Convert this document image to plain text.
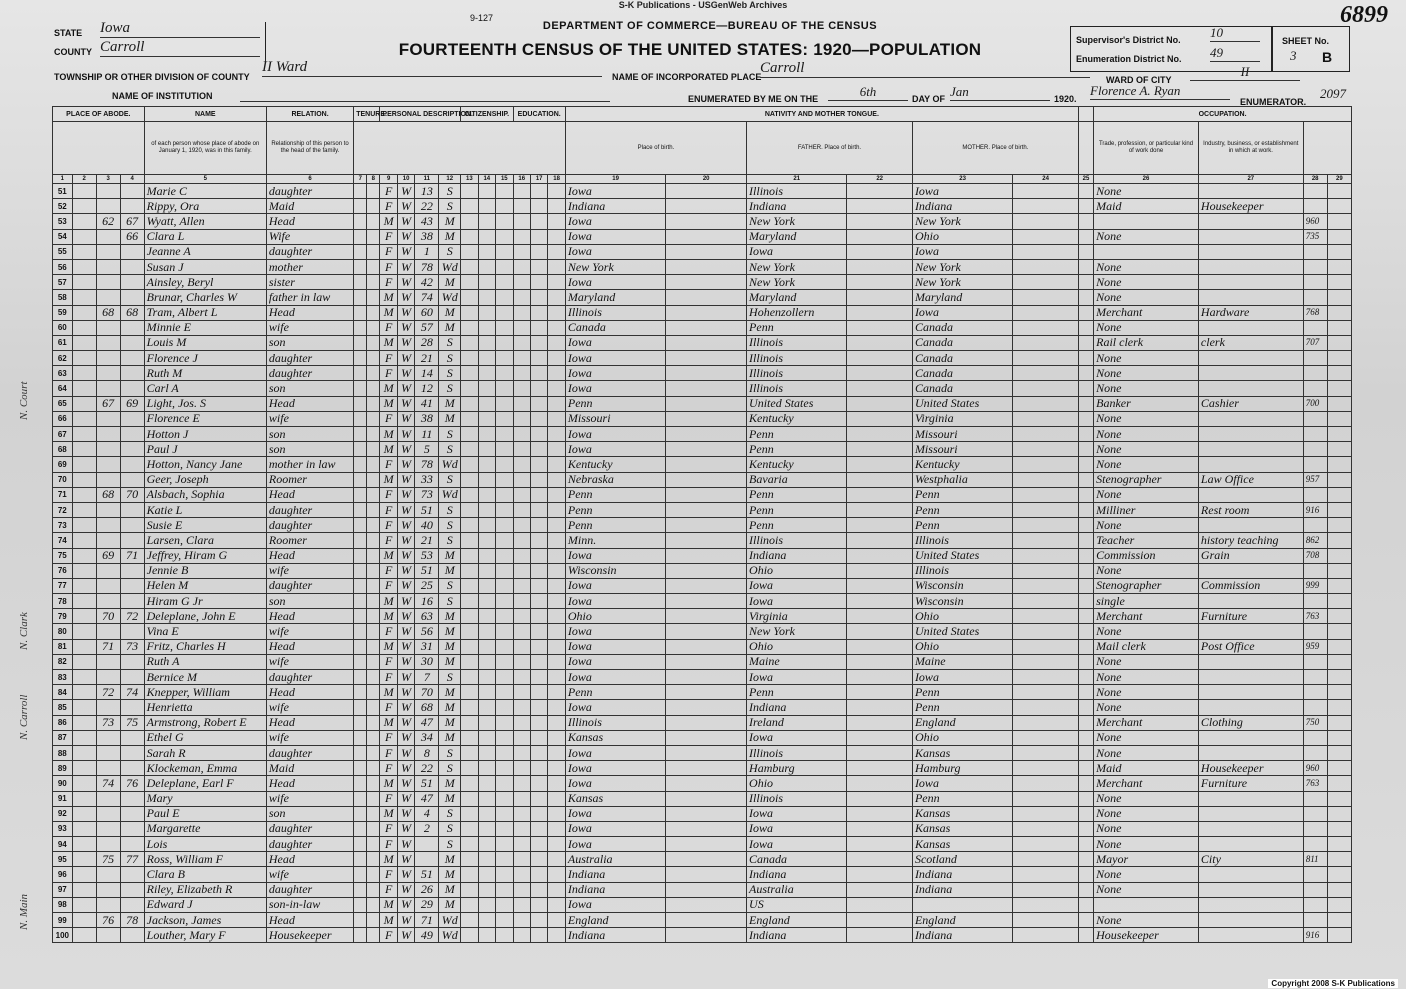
S-K Publications - USGenWeb Archives
9-127	6899
DEPARTMENT OF COMMERCE—BUREAU OF THE CENSUS
FOURTEENTH CENSUS OF THE UNITED STATES: 1920—POPULATION
STATE Iowa
COUNTY Carroll
TOWNSHIP OR OTHER DIVISION OF COUNTY
II Ward
NAME OF INSTITUTION
NAME OF INCORPORATED PLACE
Carroll
ENUMERATED BY ME ON THE	6th	DAY OF Jan	1920.
Florence A. Ryan
ENUMERATOR.
2097
Supervisor's District No. 10
Enumeration District No. 49
SHEET No.
3	B
WARD OF CITY
II
PLACE OF ABODE.				NAME	RELATION.	TENURE.		PERSONAL DESCRIPTION.				CITIZENSHIP.			EDUCATION.			NATIVITY AND MOTHER TONGUE.							OCCUPATION.			
				of each person whose place of abode on January 1, 1920, was in this family.	Relationship of this person to the head of the family.													Place of birth.		FATHER. Place of birth.		MOTHER. Place of birth.			Trade, profession, or particular kind of work done	Industry, business, or establishment in which at work.		
1	2	3	4	5	6	7	8	9	10	11	12	13	14	15	16	17	18	19	20	21	22	23	24	25	26	27	28	29
51				Marie C	daughter			F	W	13	S							Iowa		Illinois		Iowa			None			
52				Rippy, Ora	Maid			F	W	22	S							Indiana		Indiana		Indiana			Maid	Housekeeper		
53		62	67	Wyatt, Allen	Head			M	W	43	M							Iowa		New York		New York					960	
54			66	Clara L	Wife			F	W	38	M							Iowa		Maryland		Ohio			None		735	
55				Jeanne A	daughter			F	W	1	S							Iowa		Iowa		Iowa						
56				Susan J	mother			F	W	78	Wd							New York		New York		New York			None			
57				Ainsley, Beryl	sister			F	W	42	M							Iowa		New York		New York			None			
58				Brunar, Charles W	father in law			M	W	74	Wd							Maryland		Maryland		Maryland			None			
59		68	68	Tram, Albert L	Head			M	W	60	M							Illinois		Hohenzollern		Iowa			Merchant	Hardware	768	
60				Minnie E	wife			F	W	57	M							Canada		Penn		Canada			None			
61				Louis M	son			M	W	28	S							Iowa		Illinois		Canada			Rail clerk	clerk	707	
62				Florence J	daughter			F	W	21	S							Iowa		Illinois		Canada			None			
63				Ruth M	daughter			F	W	14	S							Iowa		Illinois		Canada			None			
64				Carl A	son			M	W	12	S							Iowa		Illinois		Canada			None			
65		67	69	Light, Jos. S	Head			M	W	41	M							Penn		United States		United States			Banker	Cashier	700	
66				Florence E	wife			F	W	38	M							Missouri		Kentucky		Virginia			None			
67				Hotton J	son			M	W	11	S							Iowa		Penn		Missouri			None			
68				Paul J	son			M	W	5	S							Iowa		Penn		Missouri			None			
69				Hotton, Nancy Jane	mother in law			F	W	78	Wd							Kentucky		Kentucky		Kentucky			None			
70				Geer, Joseph	Roomer			M	W	33	S							Nebraska		Bavaria		Westphalia			Stenographer	Law Office	957	
71		68	70	Alsbach, Sophia	Head			F	W	73	Wd							Penn		Penn		Penn			None			
72				Katie L	daughter			F	W	51	S							Penn		Penn		Penn			Milliner	Rest room	916	
73				Susie E	daughter			F	W	40	S							Penn		Penn		Penn			None			
74				Larsen, Clara	Roomer			F	W	21	S							Minn.		Illinois		Illinois			Teacher	history teaching	862	
75		69	71	Jeffrey, Hiram G	Head			M	W	53	M							Iowa		Indiana		United States			Commission	Grain	708	
76				Jennie B	wife			F	W	51	M							Wisconsin		Ohio		Illinois			None			
77				Helen M	daughter			F	W	25	S							Iowa		Iowa		Wisconsin			Stenographer	Commission	999	
78				Hiram G Jr	son			M	W	16	S							Iowa		Iowa		Wisconsin			single			
79		70	72	Deleplane, John E	Head			M	W	63	M							Ohio		Virginia		Ohio			Merchant	Furniture	763	
80				Vina E	wife			F	W	56	M							Iowa		New York		United States			None			
81		71	73	Fritz, Charles H	Head			M	W	31	M							Iowa		Ohio		Ohio			Mail clerk	Post Office	959	
82				Ruth A	wife			F	W	30	M							Iowa		Maine		Maine			None			
83				Bernice M	daughter			F	W	7	S							Iowa		Iowa		Iowa			None			
84		72	74	Knepper, William	Head			M	W	70	M							Penn		Penn		Penn			None			
85				Henrietta	wife			F	W	68	M							Iowa		Indiana		Penn			None			
86		73	75	Armstrong, Robert E	Head			M	W	47	M							Illinois		Ireland		England			Merchant	Clothing	750	
87				Ethel G	wife			F	W	34	M							Kansas		Iowa		Ohio			None			
88				Sarah R	daughter			F	W	8	S							Iowa		Illinois		Kansas			None			
89				Klockeman, Emma	Maid			F	W	22	S							Iowa		Hamburg		Hamburg			Maid	Housekeeper	960	
90		74	76	Deleplane, Earl F	Head			M	W	51	M							Iowa		Ohio		Iowa			Merchant	Furniture	763	
91				Mary	wife			F	W	47	M							Kansas		Illinois		Penn			None			
92				Paul E	son			M	W	4	S							Iowa		Iowa		Kansas			None			
93				Margarette	daughter			F	W	2	S							Iowa		Iowa		Kansas			None			
94				Lois	daughter			F	W		S							Iowa		Iowa		Kansas			None			
95		75	77	Ross, William F	Head			M	W		M							Australia		Canada		Scotland			Mayor	City	811	
96				Clara B	wife			F	W	51	M							Indiana		Indiana		Indiana			None			
97				Riley, Elizabeth R	daughter			F	W	26	M							Indiana		Australia		Indiana			None			
98				Edward J	son-in-law			M	W	29	M							Iowa		US								
99		76	78	Jackson, James	Head			M	W	71	Wd							England		England		England			None			
100				Louther, Mary F	Housekeeper			F	W	49	Wd							Indiana		Indiana		Indiana			Housekeeper		916	
N. Court
N. Clark
N. Carroll
N. Main
Copyright 2008 S-K Publications
